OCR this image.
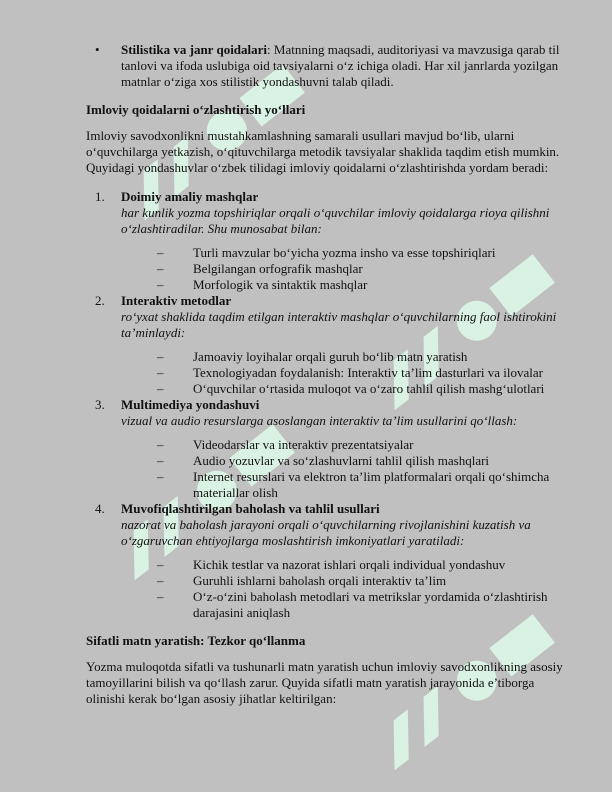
• Stilistika va janr qoidalari: Matnning maqsadi, auditoriyasi va mavzusiga qarab til tanlovi va ifoda uslubiga oid tavsiyalarni o‘z ichiga oladi. Har xil janrlarda yozilgan matnlar o‘ziga xos stilistik yondashuvni talab qiladi.
Imloviy qoidalarni o‘zlashtirish yo‘llari

Imloviy savodxonlikni mustahkamlashning samarali usullari mavjud bo‘lib, ularni o‘quvchilarga yetkazish, o‘qituvchilarga metodik tavsiyalar shaklida taqdim etish mumkin. Quyidagi yondashuvlar o‘zbek tilidagi imloviy qoidalarni o‘zlashtirishda yordam beradi:

1. Doimiy amaliy mashqlar
har kunlik yozma topshiriqlar orqali o‘quvchilar imloviy qoidalarga rioya qilishni o‘zlashtiradilar. Shu munosabat bilan:
– Turli mavzular bo‘yicha yozma insho va esse topshiriqlari
– Belgilangan orfografik mashqlar
– Morfologik va sintaktik mashqlar
2. Interaktiv metodlar
ro‘yxat shaklida taqdim etilgan interaktiv mashqlar o‘quvchilarning faol ishtirokini ta’minlaydi:
– Jamoaviy loyihalar orqali guruh bo‘lib matn yaratish
– Texnologiyadan foydalanish: Interaktiv ta’lim dasturlari va ilovalar
– O‘quvchilar o‘rtasida muloqot va o‘zaro tahlil qilish mashg‘ulotlari
3. Multimediya yondashuvi
vizual va audio resurslarga asoslangan interaktiv ta’lim usullarini qo‘llash:
– Videodarslar va interaktiv prezentatsiyalar
– Audio yozuvlar va so‘zlashuvlarni tahlil qilish mashqlari
– Internet resurslari va elektron ta’lim platformalari orqali qo‘shimcha materiallar olish
4. Muvofiqlashtirilgan baholash va tahlil usullari
nazorat va baholash jarayoni orqali o‘quvchilarning rivojlanishini kuzatish va o‘zgaruvchan ehtiyojlarga moslashtirish imkoniyatlari yaratiladi:
– Kichik testlar va nazorat ishlari orqali individual yondashuv
– Guruhli ishlarni baholash orqali interaktiv ta’lim
– O‘z-o‘zini baholash metodlari va metrikslar yordamida o‘zlashtirish darajasini aniqlash
Sifatli matn yaratish: Tezkor qo‘llanma

Yozma muloqotda sifatli va tushunarli matn yaratish uchun imloviy savodxonlikning asosiy tamoyillarini bilish va qo‘llash zarur. Quyida sifatli matn yaratish jarayonida e’tiborga olinishi kerak bo‘lgan asosiy jihatlar keltirilgan:
